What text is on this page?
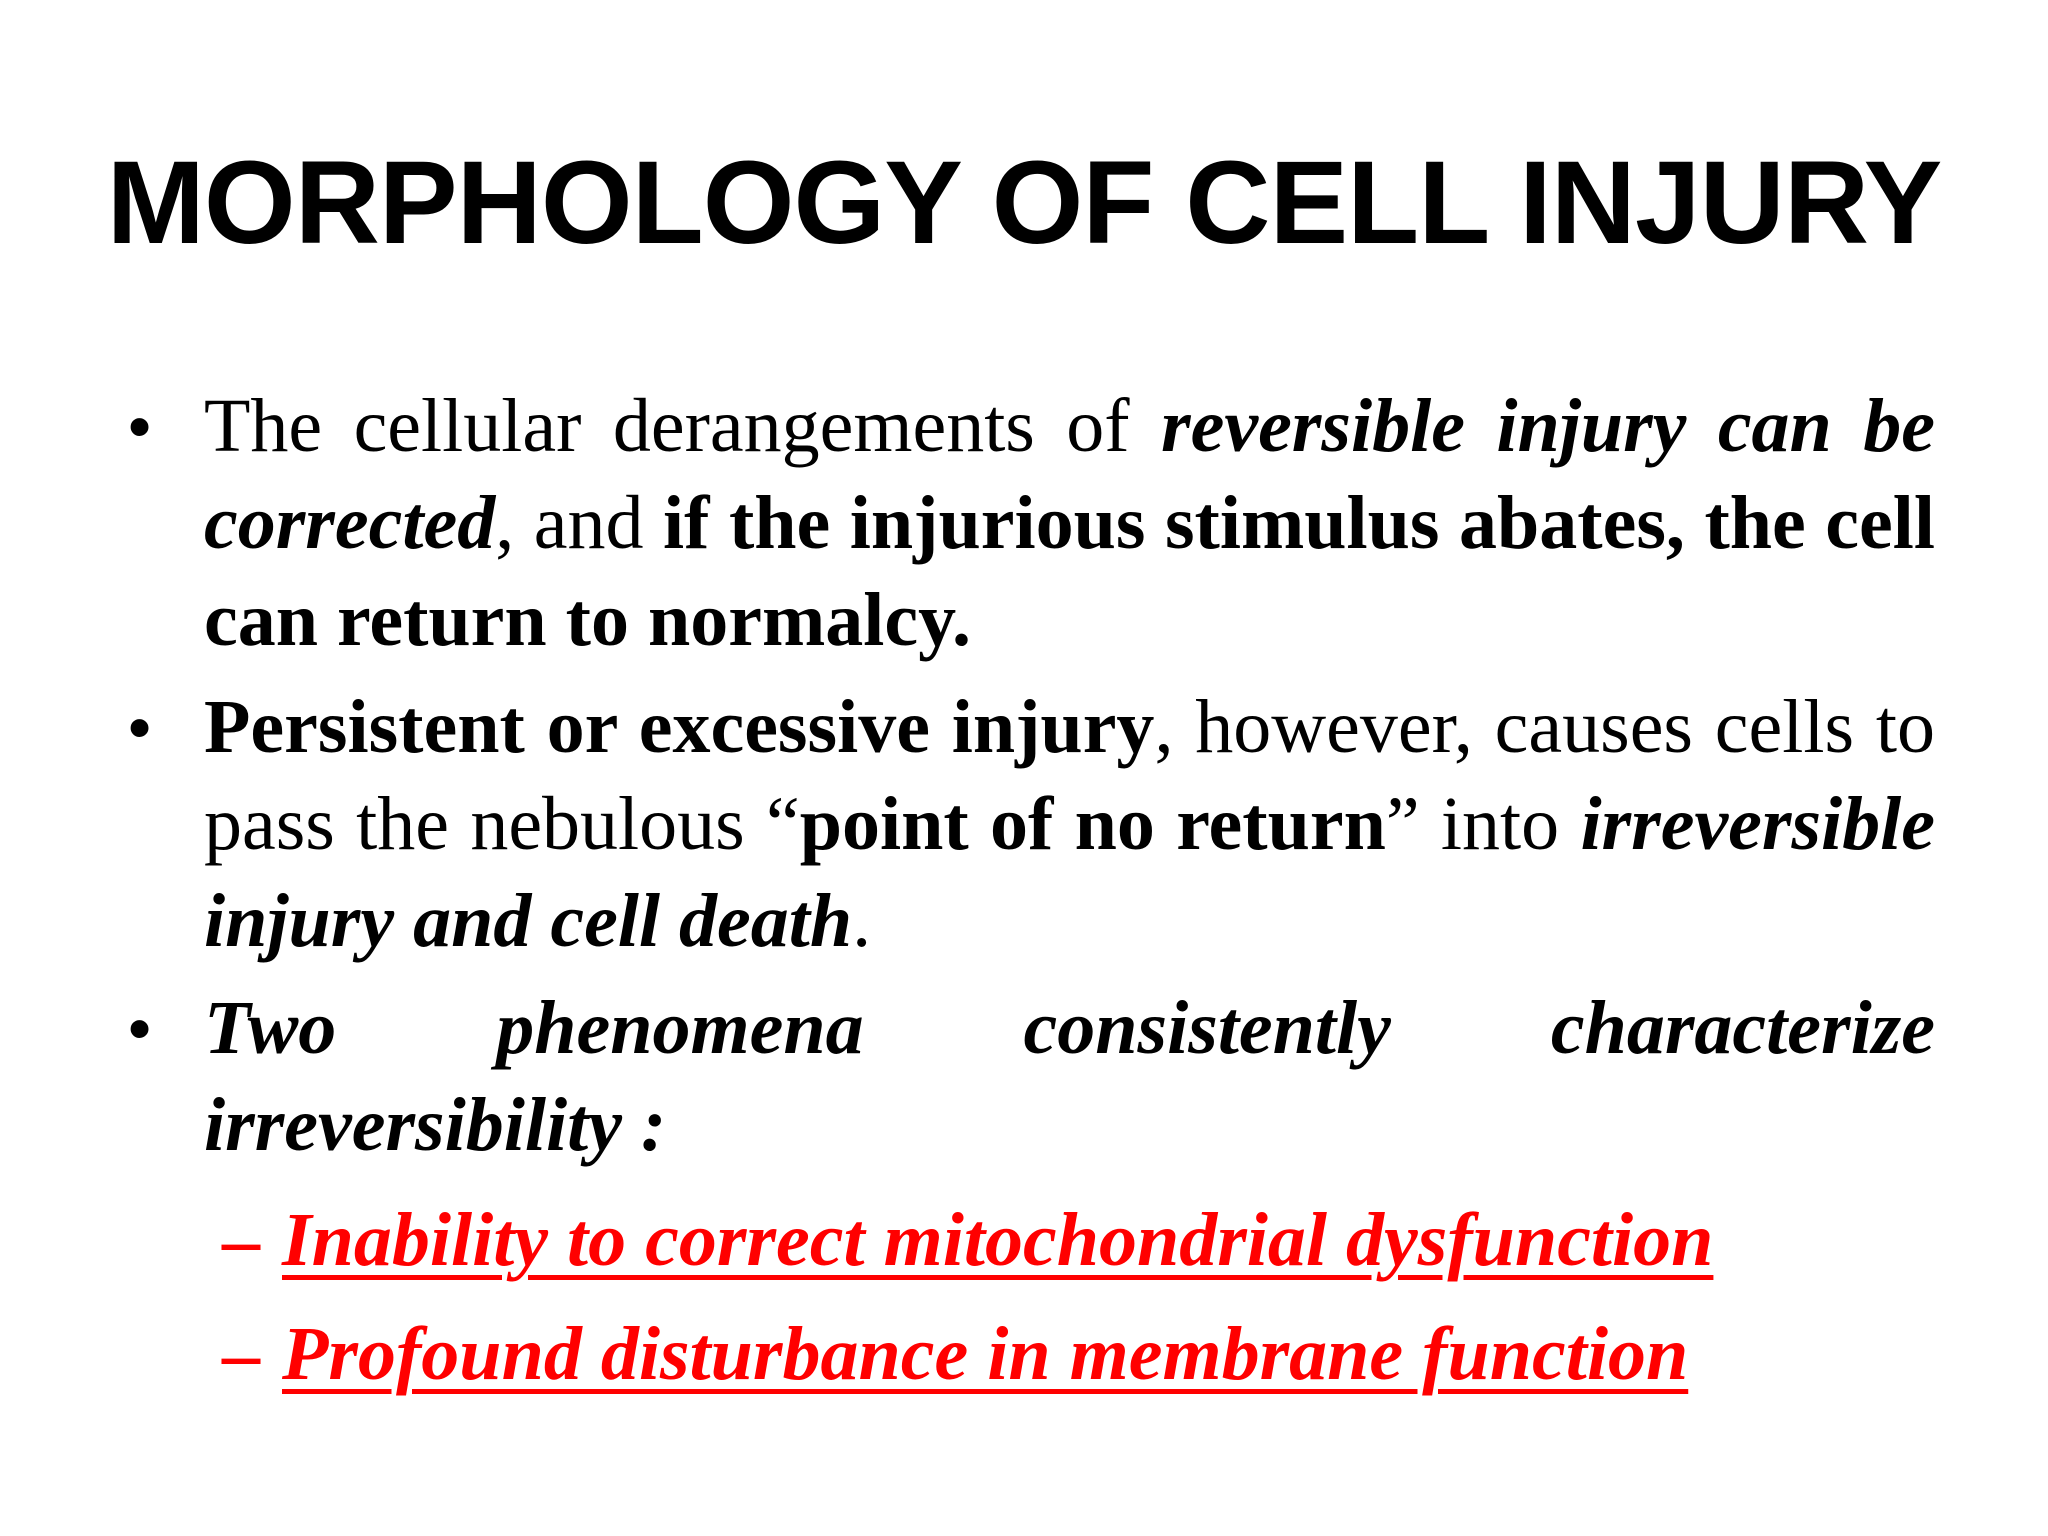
MORPHOLOGY OF CELL INJURY
• The cellular derangements of reversible injury can be corrected, and if the injurious stimulus abates, the cell can return to normalcy.
• Persistent or excessive injury, however, causes cells to pass the nebulous “point of no return” into irreversible injury and cell death.
• Two phenomena consistently characterize
irreversibility :
– Inability to correct mitochondrial dysfunction
– Profound disturbance in membrane function
